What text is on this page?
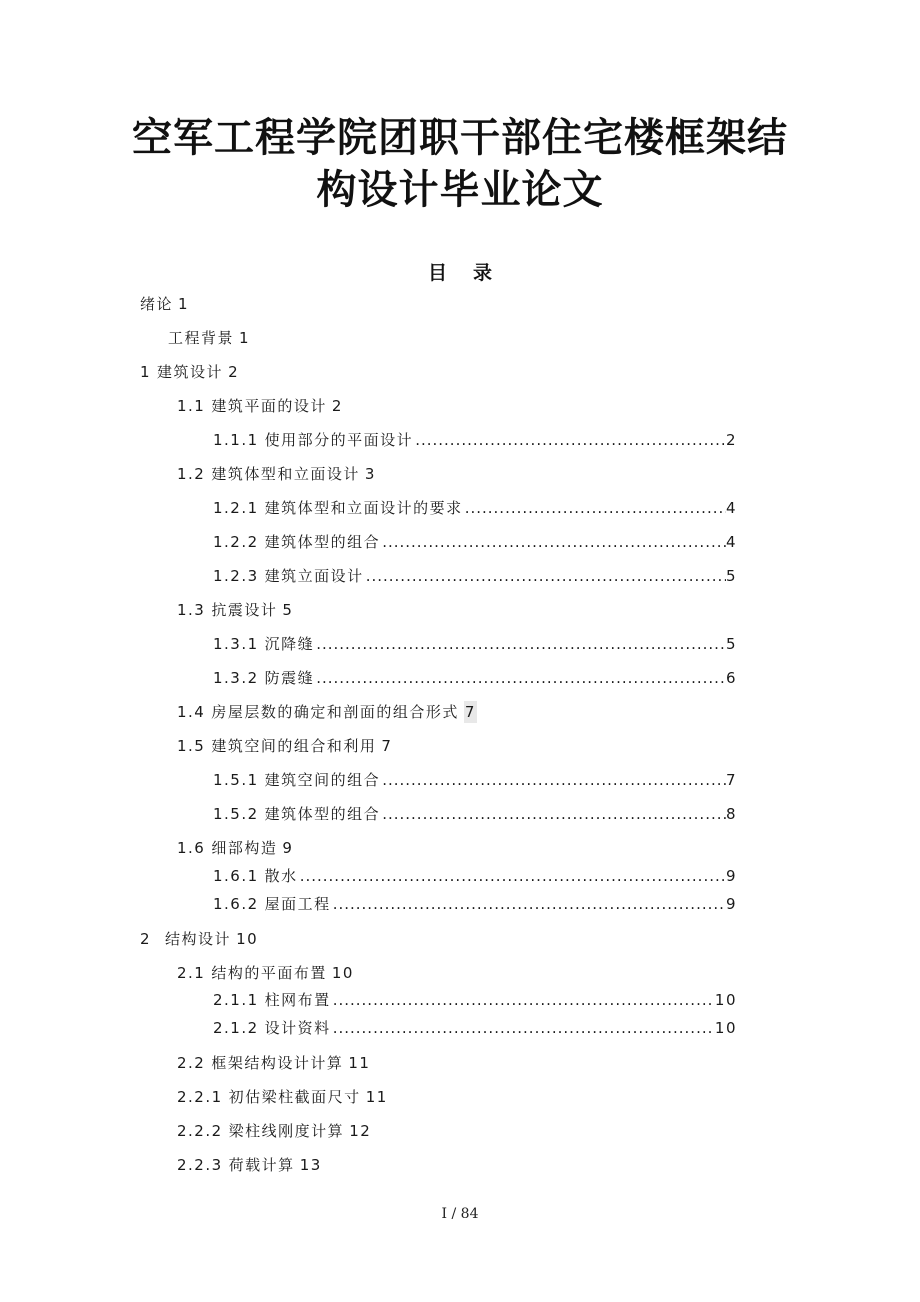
空军工程学院团职干部住宅楼框架结
构设计毕业论文
目录
绪论 1
工程背景 1
1 建筑设计 2
1.1 建筑平面的设计 2
1.1.1 使用部分的平面设计 .....	2
1.2 建筑体型和立面设计 3
1.2.1 建筑体型和立面设计的要求 .....	4
1.2.2 建筑体型的组合 .....	4
1.2.3 建筑立面设计 .....	5
1.3 抗震设计 5
1.3.1 沉降缝 .....	5
1.3.2 防震缝 .....	6
1.4 房屋层数的确定和剖面的组合形式 7
1.5 建筑空间的组合和利用 7
1.5.1 建筑空间的组合 .....	7
1.5.2 建筑体型的组合 .....	8
1.6 细部构造 9
1.6.1 散水 .....	9
1.6.2 屋面工程 .....	9
2 结构设计 10
2.1 结构的平面布置 10
2.1.1 柱网布置 .....	10
2.1.2 设计资料 .....	10
2.2 框架结构设计计算 11
2.2.1 初估梁柱截面尺寸 11
2.2.2 梁柱线刚度计算 12
2.2.3 荷载计算 13
I / 84
